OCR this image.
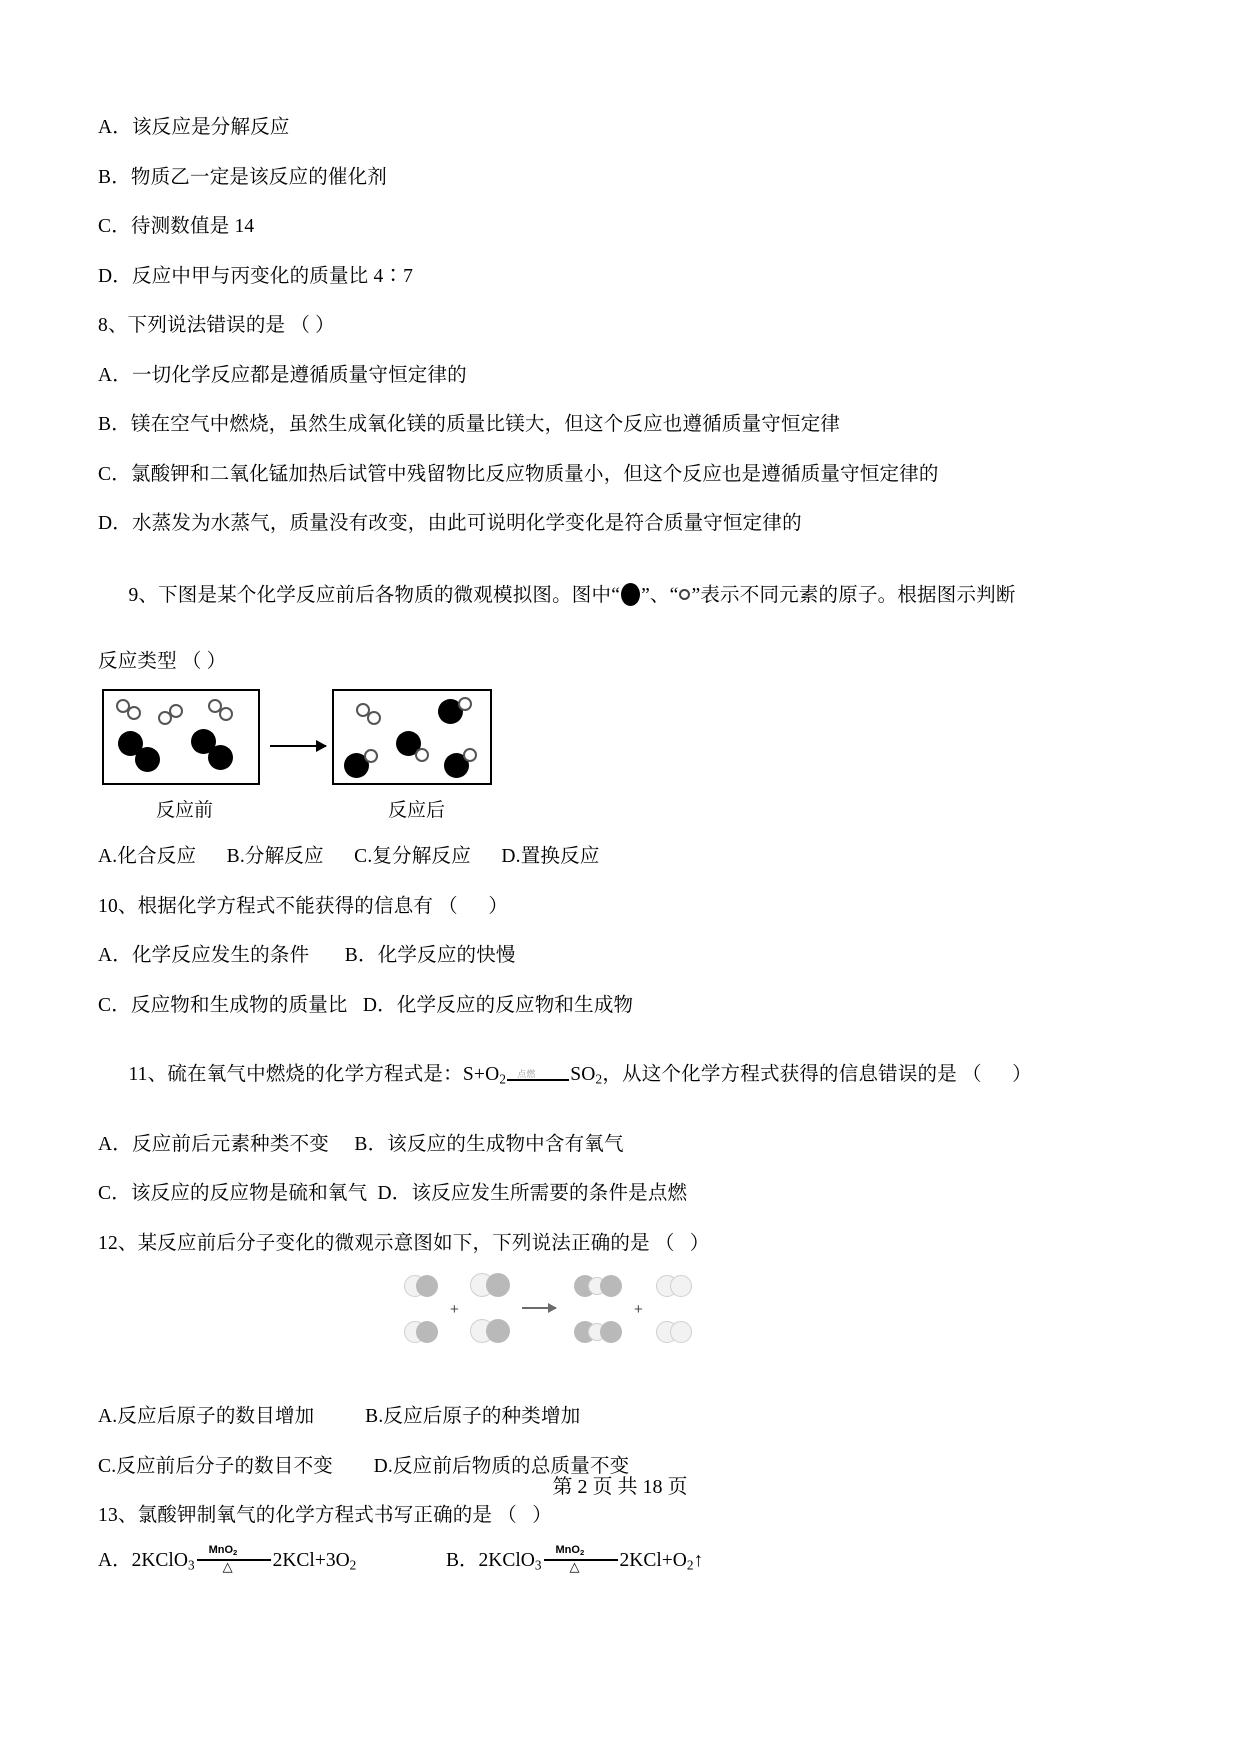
A．该反应是分解反应
B．物质乙一定是该反应的催化剂
C．待测数值是 14
D．反应中甲与丙变化的质量比 4∶7
8、下列说法错误的是 （ ）
A．一切化学反应都是遵循质量守恒定律的
B．镁在空气中燃烧，虽然生成氧化镁的质量比镁大，但这个反应也遵循质量守恒定律
C．氯酸钾和二氧化锰加热后试管中残留物比反应物质量小，但这个反应也是遵循质量守恒定律的
D．水蒸发为水蒸气，质量没有改变，由此可说明化学变化是符合质量守恒定律的

9、下图是某个化学反应前后各物质的微观模拟图。图中“ ”、“ ”表示不同元素的原子。根据图示判断

反应类型 （ ）
反应前	反应后
A.化合反应      B.分解反应      C.复分解反应      D.置换反应
10、根据化学方程式不能获得的信息有 （      ）
A．化学反应发生的条件       B．化学反应的快慢
C．反应物和生成物的质量比   D．化学反应的反应物和生成物

11、硫在氧气中燃烧的化学方程式是：$S+O_2$ 点燃 $SO_2$，从这个化学方程式获得的信息错误的是 （      ）

A．反应前后元素种类不变 B．该反应的生成物中含有氧气
C．该反应的反应物是硫和氧气 D．该反应发生所需要的条件是点燃
12、某反应前后分子变化的微观示意图如下，下列说法正确的是 （   ）
+	+
A.反应后原子的数目增加          B.反应后原子的种类增加
C.反应前后分子的数目不变        D.反应前后物质的总质量不变
13、氯酸钾制氧气的化学方程式书写正确的是 （   ）
A．2KClO$_3$
MnO$_2$
△ $2KCl+3O_2$	B．2KClO$_3$
MnO$_2$
△ $2KCl+O_2↑$
第 2 页 共 18 页
